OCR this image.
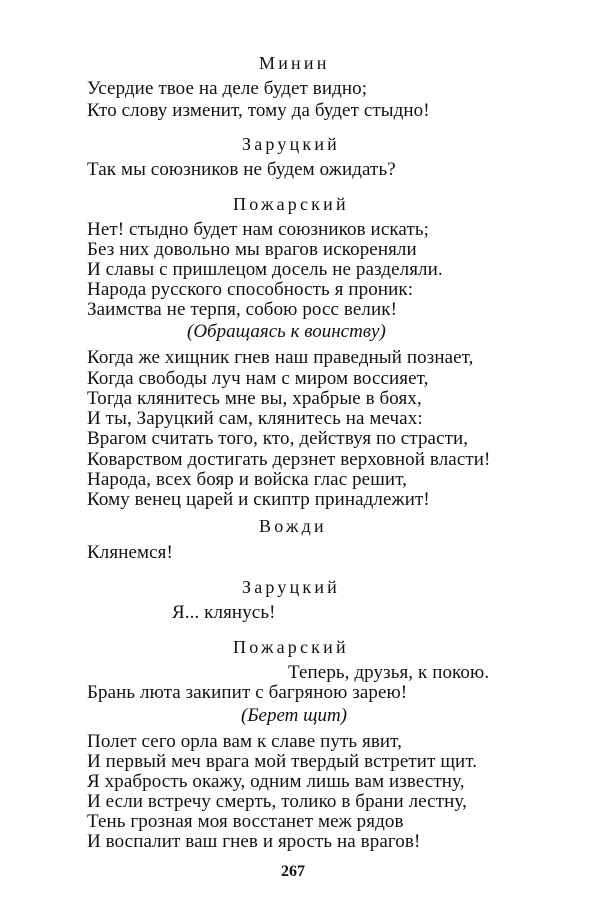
Минин
Усердие твое на деле будет видно;
Кто слову изменит, тому да будет стыдно!
Заруцкий
Так мы союзников не будем ожидать?
Пожарский
Нет! стыдно будет нам союзников искать;
Без них довольно мы врагов искореняли
И славы с пришлецом досель не разделяли.
Народа русского способность я проник:
Заимства не терпя, собою росс велик!
(Обращаясь к воинству)
Когда же хищник гнев наш праведный познает,
Когда свободы луч нам с миром воссияет,
Тогда клянитесь мне вы, храбрые в боях,
И ты, Заруцкий сам, клянитесь на мечах:
Врагом считать того, кто, действуя по страсти,
Коварством достигать дерзнет верховной власти!
Народа, всех бояр и войска глас решит,
Кому венец царей и скиптр принадлежит!
Вожди
Клянемся!
Заруцкий
Я... клянусь!
Пожарский
Теперь, друзья, к покою.
Брань люта закипит с багряною зарею!
(Берет щит)
Полет сего орла вам к славе путь явит,
И первый меч врага мой твердый встретит щит.
Я храбрость окажу, одним лишь вам известну,
И если встречу смерть, толико в брани лестну,
Тень грозная моя восстанет меж рядов
И воспалит ваш гнев и ярость на врагов!
267
